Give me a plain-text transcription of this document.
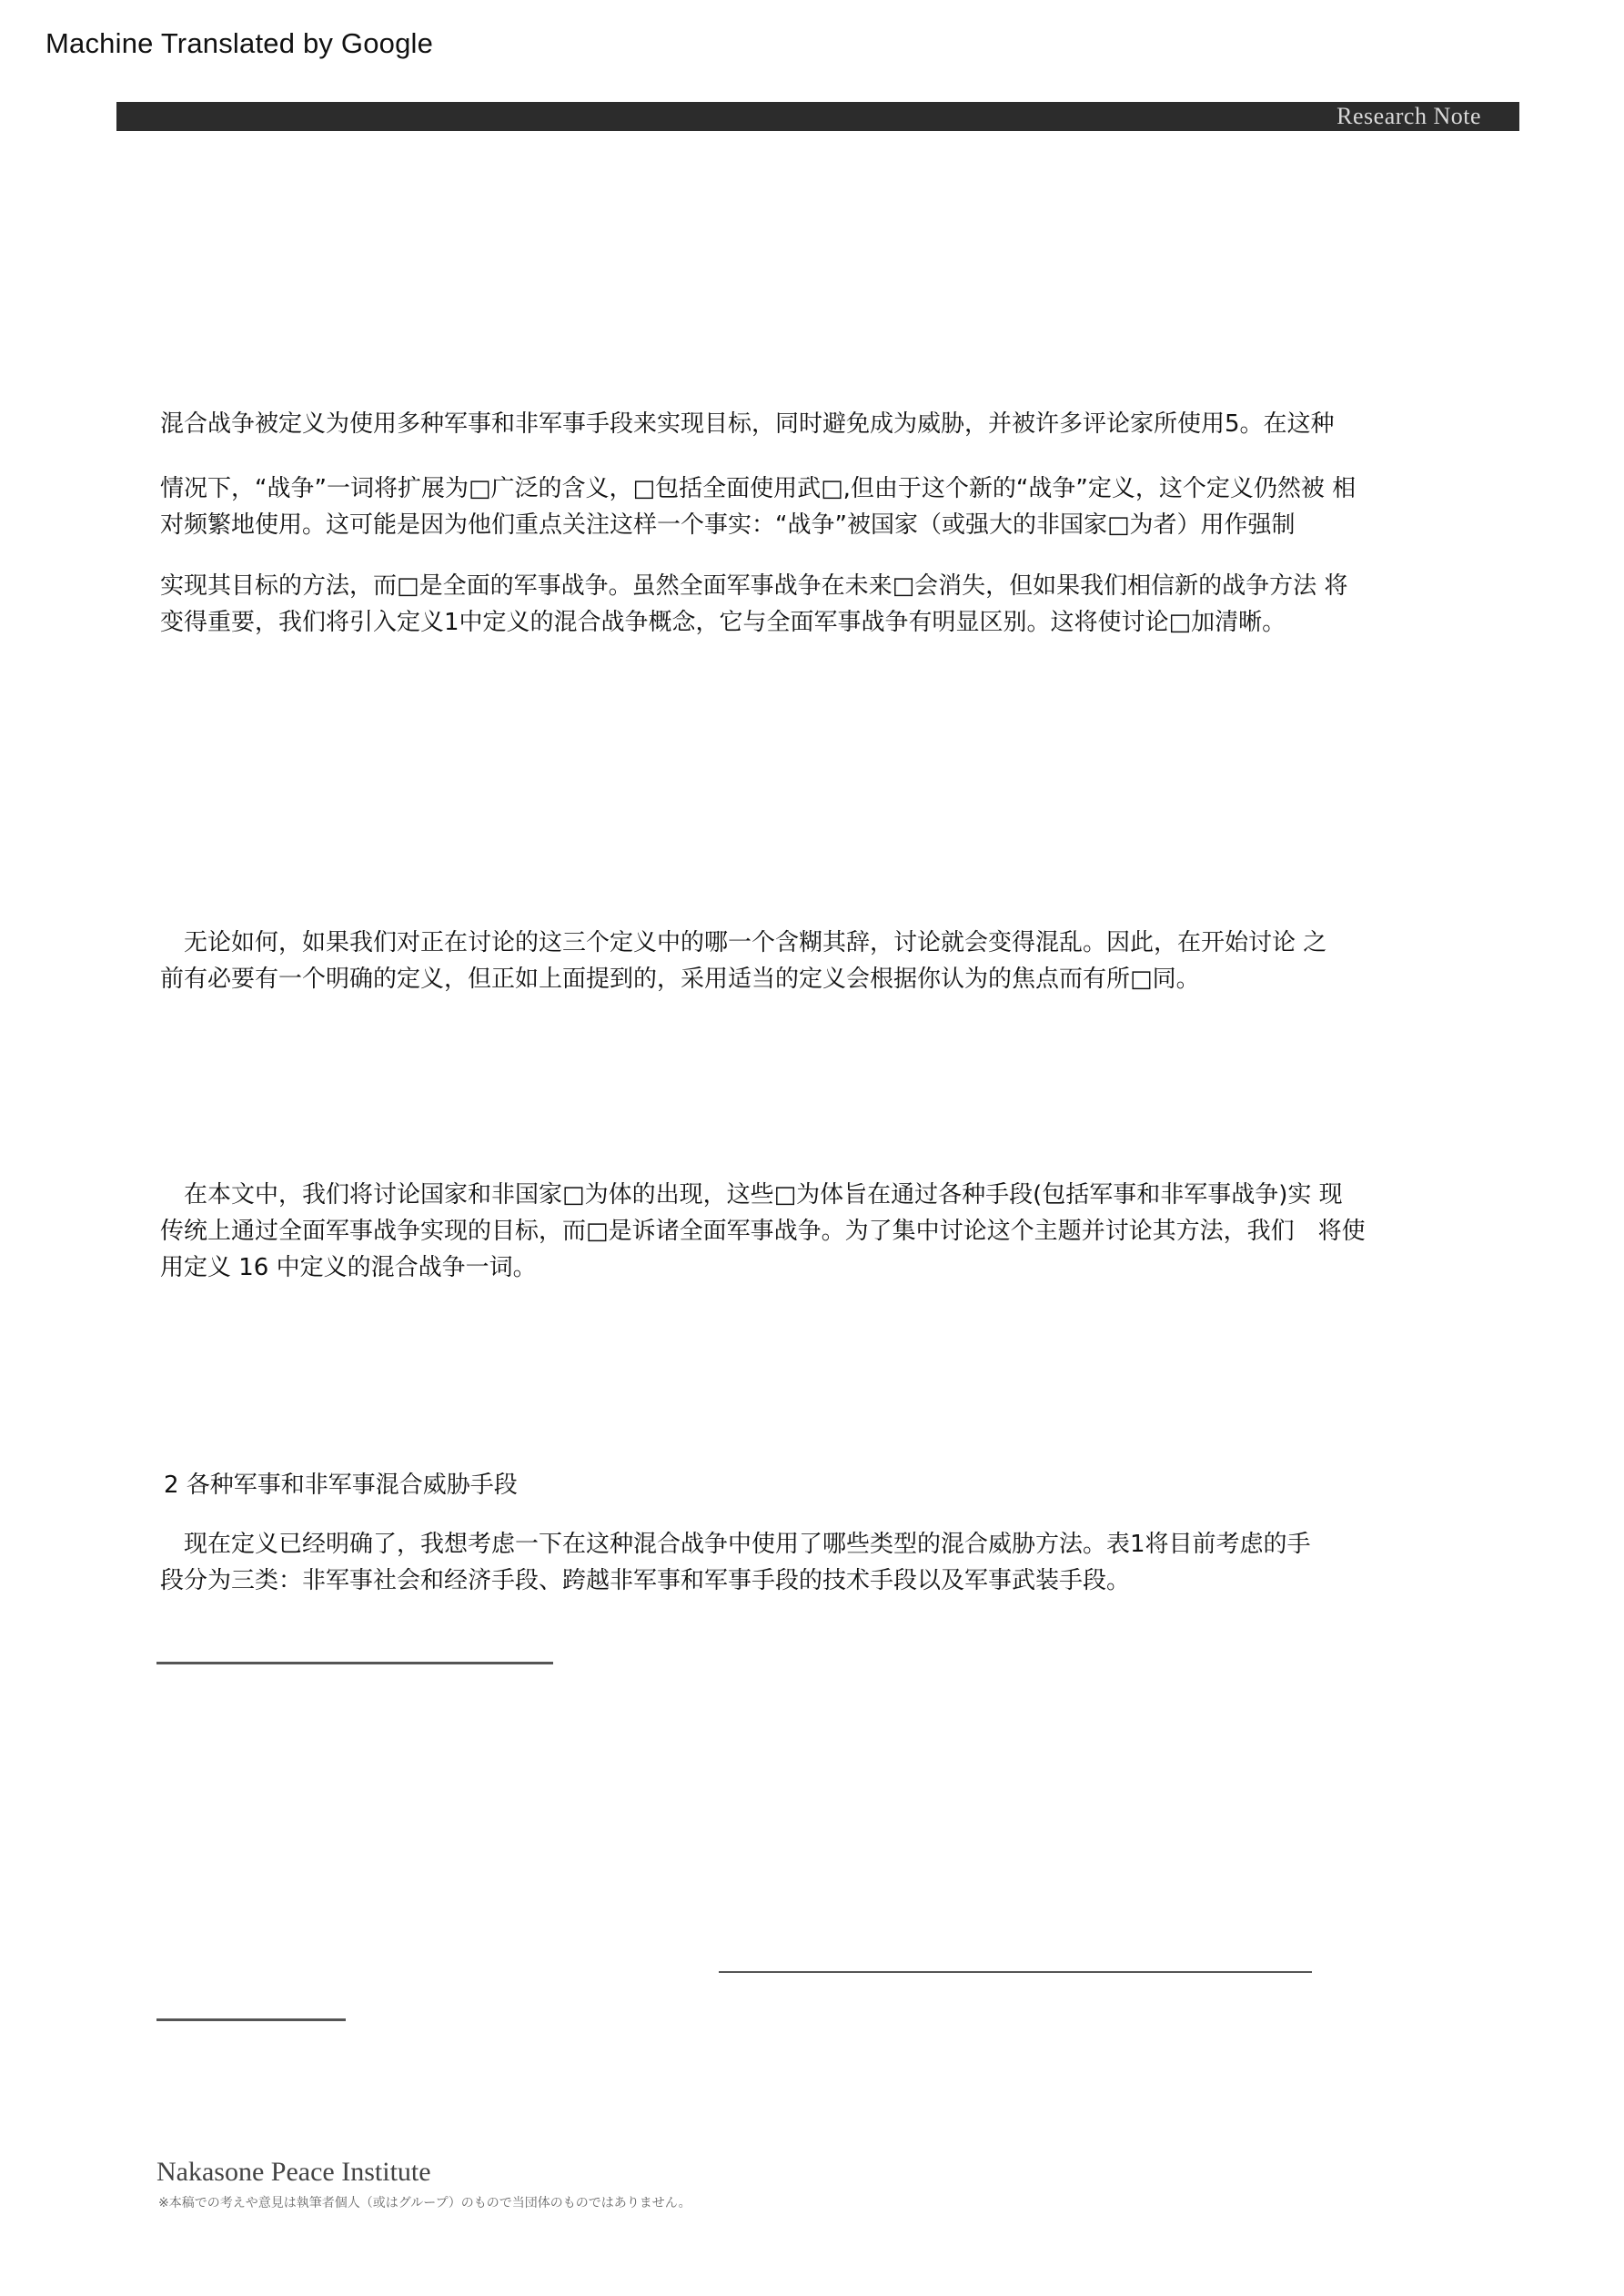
Machine Translated by Google
Research Note
混合战争被定义为使用多种军事和非军事手段来实现目标，同时避免成为威胁，并被许多评论家所使用5。在这种
情况下，“战争”一词将扩展为□广泛的含义，□包括全面使用武□,但由于这个新的“战争”定义，这个定义仍然被 相
对频繁地使用。这可能是因为他们重点关注这样一个事实：“战争”被国家（或强大的非国家□为者）用作强制
实现其目标的方法，而□是全面的军事战争。虽然全面军事战争在未来□会消失，但如果我们相信新的战争方法 将
变得重要，我们将引入定义1中定义的混合战争概念，它与全面军事战争有明显区别。这将使讨论□加清晰。
　无论如何，如果我们对正在讨论的这三个定义中的哪一个含糊其辞，讨论就会变得混乱。因此，在开始讨论 之
前有必要有一个明确的定义，但正如上面提到的，采用适当的定义会根据你认为的焦点而有所□同。
　在本文中，我们将讨论国家和非国家□为体的出现，这些□为体旨在通过各种手段(包括军事和非军事战争)实 现
传统上通过全面军事战争实现的目标，而□是诉诸全面军事战争。为了集中讨论这个主题并讨论其方法，我们　将使
用定义 16 中定义的混合战争一词。
2 各种军事和非军事混合威胁手段
　现在定义已经明确了，我想考虑一下在这种混合战争中使用了哪些类型的混合威胁方法。表1将目前考虑的手
段分为三类：非军事社会和经济手段、跨越非军事和军事手段的技术手段以及军事武装手段。
Nakasone Peace Institute
※本稿での考えや意見は執筆者個人（或はグループ）のもので当団体のものではありません。
